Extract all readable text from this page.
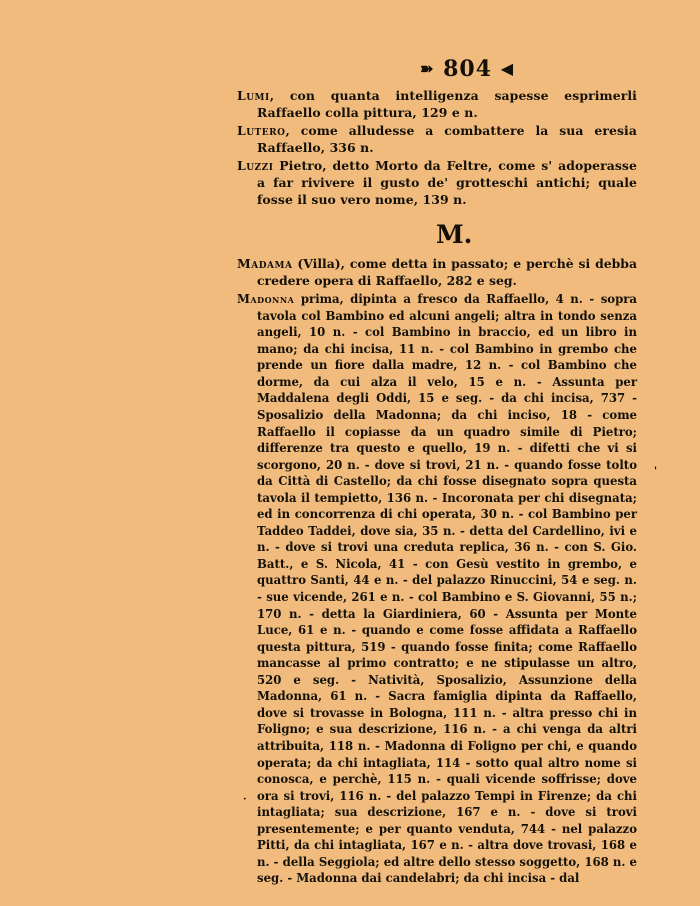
➽ 804 ◀

Lumi, con quanta intelligenza sapesse esprimerli Raffaello colla pittura, 129 e n.

Lutero, come alludesse a combattere la sua eresia Raffaello, 336 n.

Luzzi Pietro, detto Morto da Feltre, come s' adoperasse a far rivivere il gusto de' grotteschi antichi; quale fosse il suo vero nome, 139 n.

M.

Madama (Villa), come detta in passato; e perchè si debba credere opera di Raffaello, 282 e seg.

Madonna prima, dipinta a fresco da Raffaello, 4 n. - sopra tavola col Bambino ed alcuni angeli; altra in tondo senza angeli, 10 n. - col Bambino in braccio, ed un libro in mano; da chi incisa, 11 n. - col Bambino in grembo che prende un fiore dalla madre, 12 n. - col Bambino che dorme, da cui alza il velo, 15 e n. - Assunta per Maddalena degli Oddi, 15 e seg. - da chi incisa, 737 - Sposalizio della Madonna; da chi inciso, 18 - come Raffaello il copiasse da un quadro simile di Pietro; differenze tra questo e quello, 19 n. - difetti che vi si scorgono, 20 n. - dove si trovi, 21 n. - quando fosse tolto da Città di Castello; da chi fosse disegnato sopra questa tavola il tempietto, 136 n. - Incoronata per chi disegnata; ed in concorrenza di chi operata, 30 n. - col Bambino per Taddeo Taddei, dove sia, 35 n. - detta del Cardellino, ivi e n. - dove si trovi una creduta replica, 36 n. - con S. Gio. Batt., e S. Nicola, 41 - con Gesù vestito in grembo, e quattro Santi, 44 e n. - del palazzo Rinuccini, 54 e seg. n. - sue vicende, 261 e n. - col Bambino e S. Giovanni, 55 n.; 170 n. - detta la Giardiniera, 60 - Assunta per Monte Luce, 61 e n. - quando e come fosse affidata a Raffaello questa pittura, 519 - quando fosse finita; come Raffaello mancasse al primo contratto; e ne stipulasse un altro, 520 e seg. - Natività, Sposalizio, Assunzione della Madonna, 61 n. - Sacra famiglia dipinta da Raffaello, dove si trovasse in Bologna, 111 n. - altra presso chi in Foligno; e sua descrizione, 116 n. - a chi venga da altri attribuita, 118 n. - Madonna di Foligno per chi, e quando operata; da chi intagliata, 114 - sotto qual altro nome si conosca, e perchè, 115 n. - quali vicende soffrisse; dove ora si trovi, 116 n. - del palazzo Tempi in Firenze; da chi intagliata; sua descrizione, 167 e n. - dove si trovi presentemente; e per quanto venduta, 744 - nel palazzo Pitti, da chi intagliata, 167 e n. - altra dove trovasi, 168 e n. - della Seggiola; ed altre dello stesso soggetto, 168 n. e seg. - Madonna dai candelabri; da chi incisa - dal

'
·
